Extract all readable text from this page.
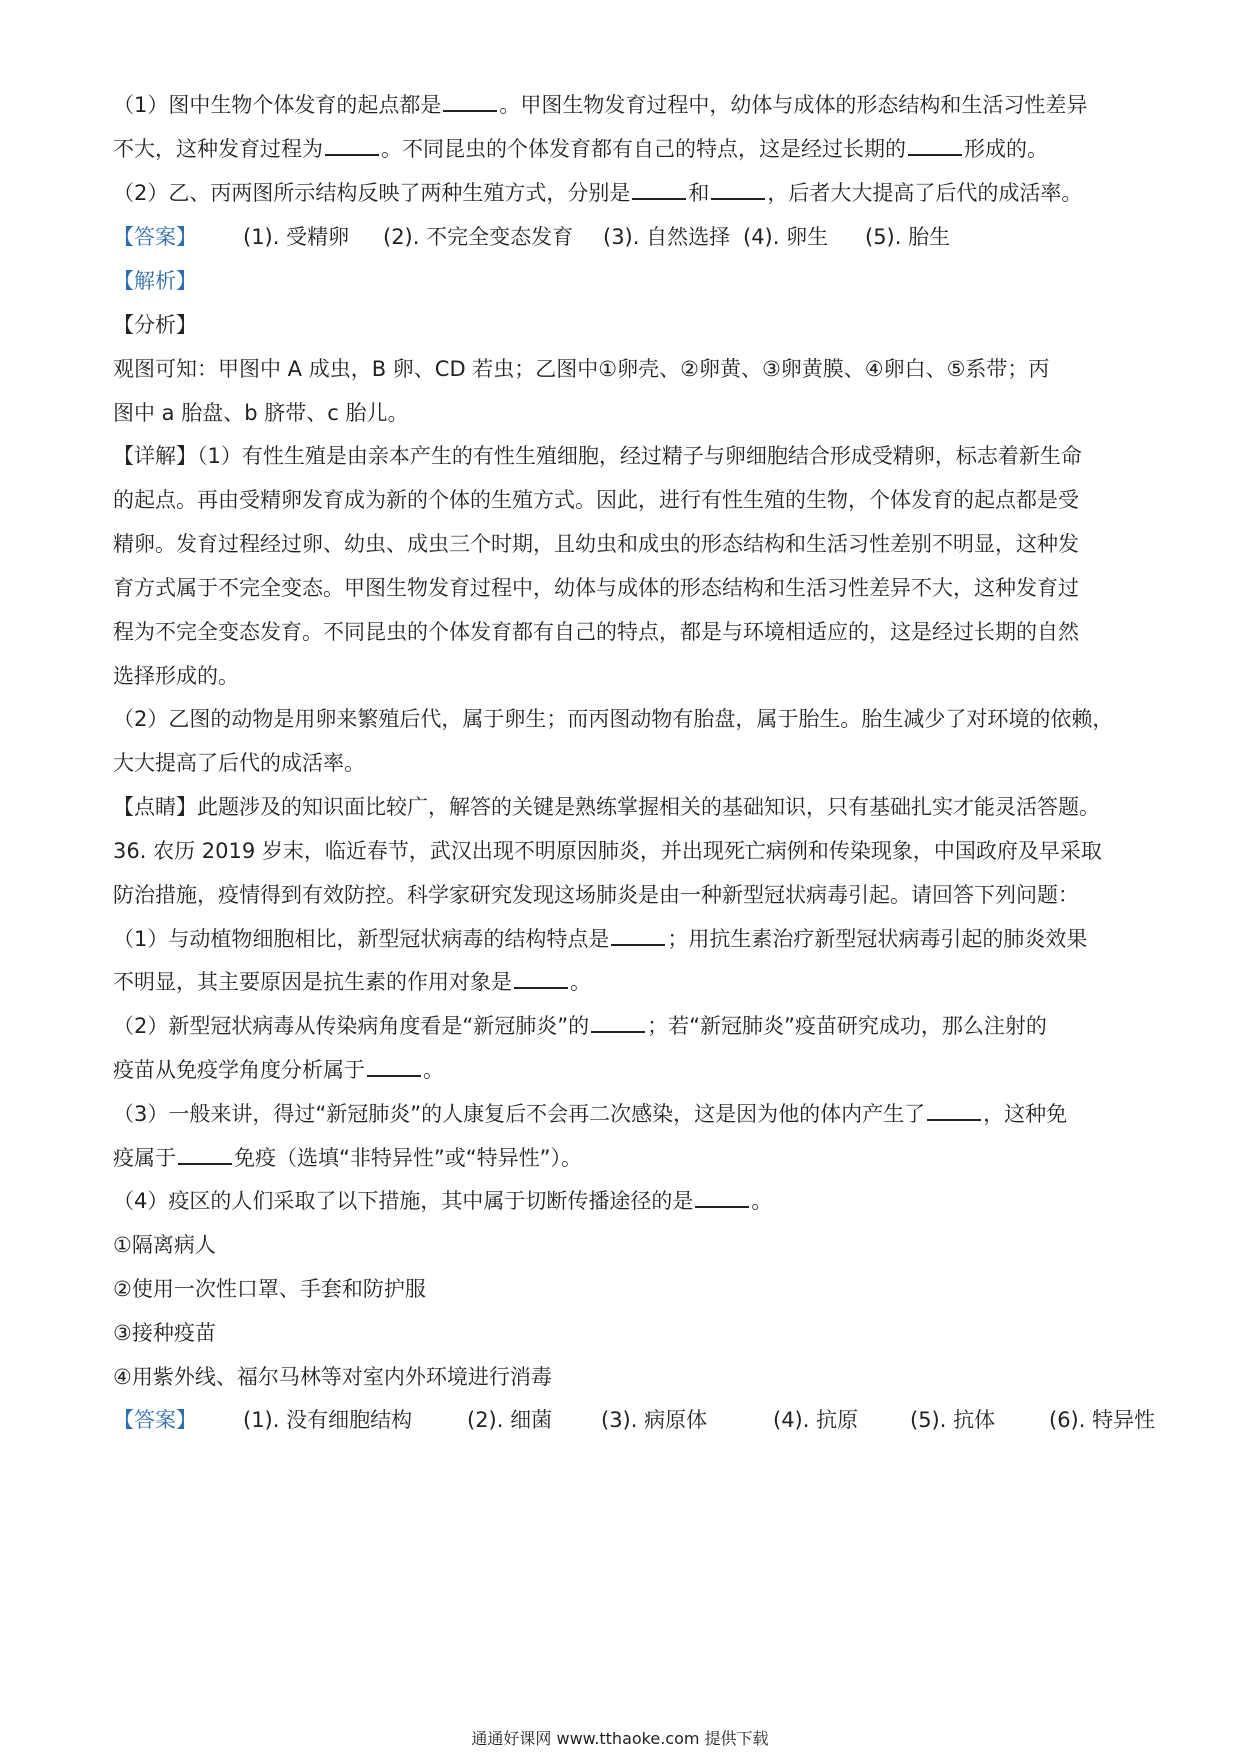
（1）图中生物个体发育的起点都是	。甲图生物发育过程中，幼体与成体的形态结构和生活习性差异
不大，这种发育过程为	。不同昆虫的个体发育都有自己的特点，这是经过长期的	形成的。
（2）乙、丙两图所示结构反映了两种生殖方式，分别是	和	，后者大大提高了后代的成活率。
【答案】 (1). 受精卵 (2). 不完全变态发育 (3). 自然选择 (4). 卵生 (5). 胎生
【解析】
【分析】
观图可知：甲图中 A 成虫，B 卵、CD 若虫；乙图中①卵壳、②卵黄、③卵黄膜、④卵白、⑤系带；丙
图中 a 胎盘、b 脐带、c 胎儿。
【详解】（1）有性生殖是由亲本产生的有性生殖细胞，经过精子与卵细胞结合形成受精卵，标志着新生命
的起点。再由受精卵发育成为新的个体的生殖方式。因此，进行有性生殖的生物，个体发育的起点都是受
精卵。发育过程经过卵、幼虫、成虫三个时期，且幼虫和成虫的形态结构和生活习性差别不明显，这种发
育方式属于不完全变态。甲图生物发育过程中，幼体与成体的形态结构和生活习性差异不大，这种发育过
程为不完全变态发育。不同昆虫的个体发育都有自己的特点，都是与环境相适应的，这是经过长期的自然
选择形成的。
（2）乙图的动物是用卵来繁殖后代，属于卵生；而丙图动物有胎盘，属于胎生。胎生减少了对环境的依赖，
大大提高了后代的成活率。
【点睛】此题涉及的知识面比较广，解答的关键是熟练掌握相关的基础知识，只有基础扎实才能灵活答题。
36. 农历 2019 岁末，临近春节，武汉出现不明原因肺炎，并出现死亡病例和传染现象，中国政府及早采取
防治措施，疫情得到有效防控。科学家研究发现这场肺炎是由一种新型冠状病毒引起。请回答下列问题：
（1）与动植物细胞相比，新型冠状病毒的结构特点是	；用抗生素治疗新型冠状病毒引起的肺炎效果
不明显，其主要原因是抗生素的作用对象是	。
（2）新型冠状病毒从传染病角度看是“新冠肺炎”的	；若“新冠肺炎”疫苗研究成功，那么注射的
疫苗从免疫学角度分析属于	。
（3）一般来讲，得过“新冠肺炎”的人康复后不会再二次感染，这是因为他的体内产生了	，这种免
疫属于	免疫（选填“非特异性”或“特异性”）。
（4）疫区的人们采取了以下措施，其中属于切断传播途径的是	。
①隔离病人
②使用一次性口罩、手套和防护服
③接种疫苗
④用紫外线、福尔马林等对室内外环境进行消毒
【答案】 (1). 没有细胞结构	(2). 细菌 (3). 病原体	(4). 抗原 (5). 抗体	(6). 特异性
通通好课网 www.tthaoke.com 提供下载
